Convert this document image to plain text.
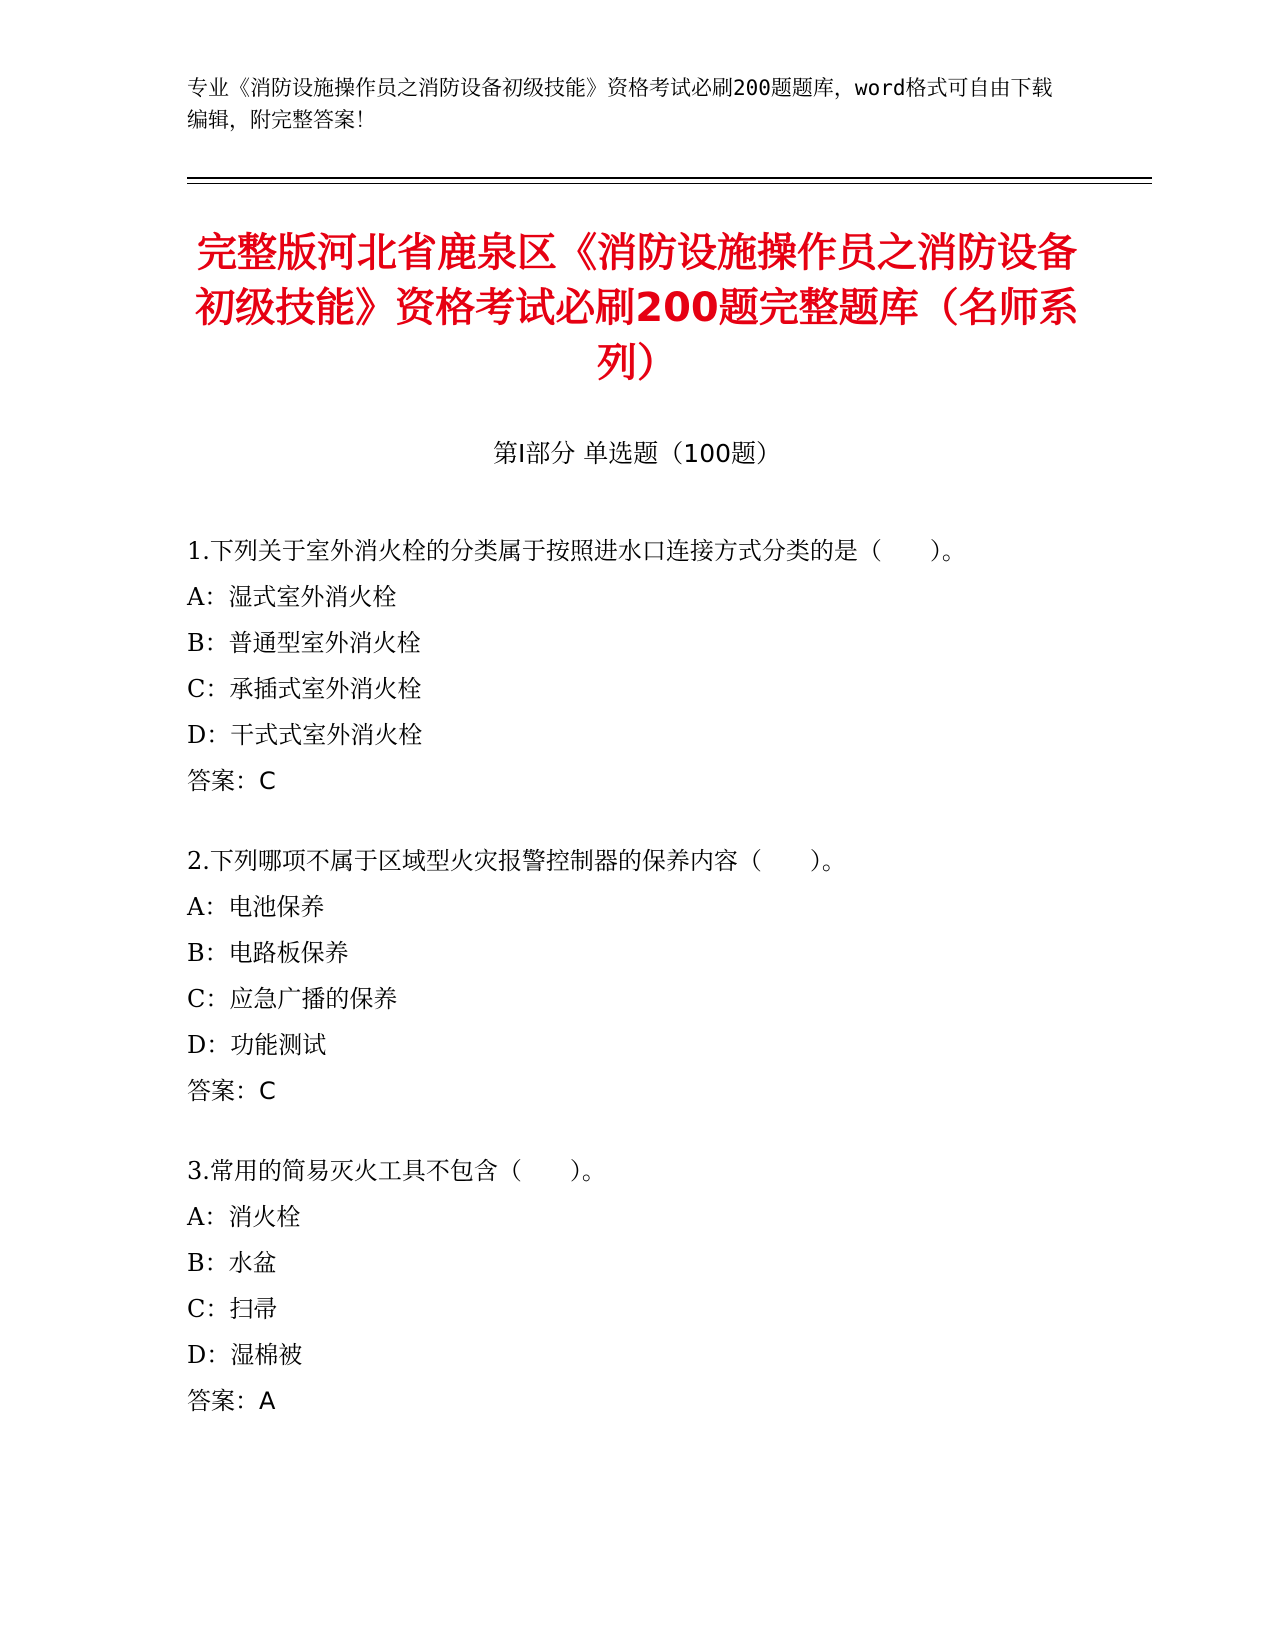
专业《消防设施操作员之消防设备初级技能》资格考试必刷200题题库，word格式可自由下载编辑，附完整答案！
完整版河北省鹿泉区《消防设施操作员之消防设备初级技能》资格考试必刷200题完整题库（名师系列）
第I部分 单选题（100题）
1.下列关于室外消火栓的分类属于按照进水口连接方式分类的是（　　）。
A：湿式室外消火栓
B：普通型室外消火栓
C：承插式室外消火栓
D：干式式室外消火栓
答案：C
2.下列哪项不属于区域型火灾报警控制器的保养内容（　　）。
A：电池保养
B：电路板保养
C：应急广播的保养
D：功能测试
答案：C
3.常用的简易灭火工具不包含（　　）。
A：消火栓
B：水盆
C：扫帚
D：湿棉被
答案：A
